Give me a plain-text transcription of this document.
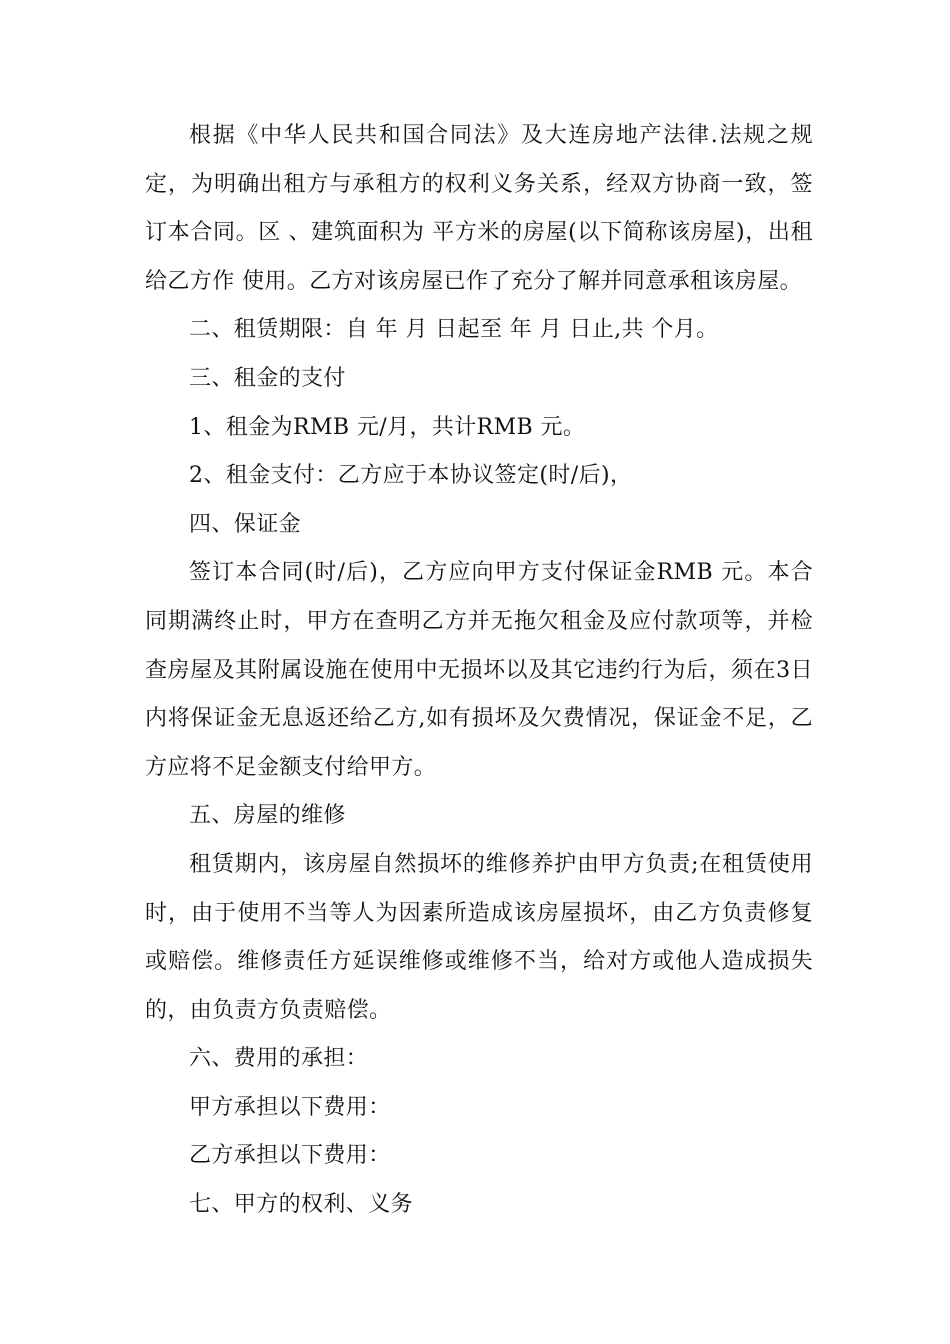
根据《中华人民共和国合同法》及大连房地产法律.法规之规定，为明确出租方与承租方的权利义务关系，经双方协商一致，签订本合同。区 、建筑面积为 平方米的房屋(以下简称该房屋)，出租给乙方作 使用。乙方对该房屋已作了充分了解并同意承租该房屋。

二、租赁期限：自 年 月 日起至 年 月 日止,共 个月。

三、租金的支付

1、租金为RMB 元/月，共计RMB 元。

2、租金支付：乙方应于本协议签定(时/后)，

四、保证金

签订本合同(时/后)，乙方应向甲方支付保证金RMB 元。本合同期满终止时，甲方在查明乙方并无拖欠租金及应付款项等，并检查房屋及其附属设施在使用中无损坏以及其它违约行为后，须在3日内将保证金无息返还给乙方,如有损坏及欠费情况，保证金不足，乙方应将不足金额支付给甲方。

五、房屋的维修

租赁期内，该房屋自然损坏的维修养护由甲方负责;在租赁使用时，由于使用不当等人为因素所造成该房屋损坏，由乙方负责修复或赔偿。维修责任方延误维修或维修不当，给对方或他人造成损失的，由负责方负责赔偿。

六、费用的承担：

甲方承担以下费用：

乙方承担以下费用：

七、甲方的权利、义务
